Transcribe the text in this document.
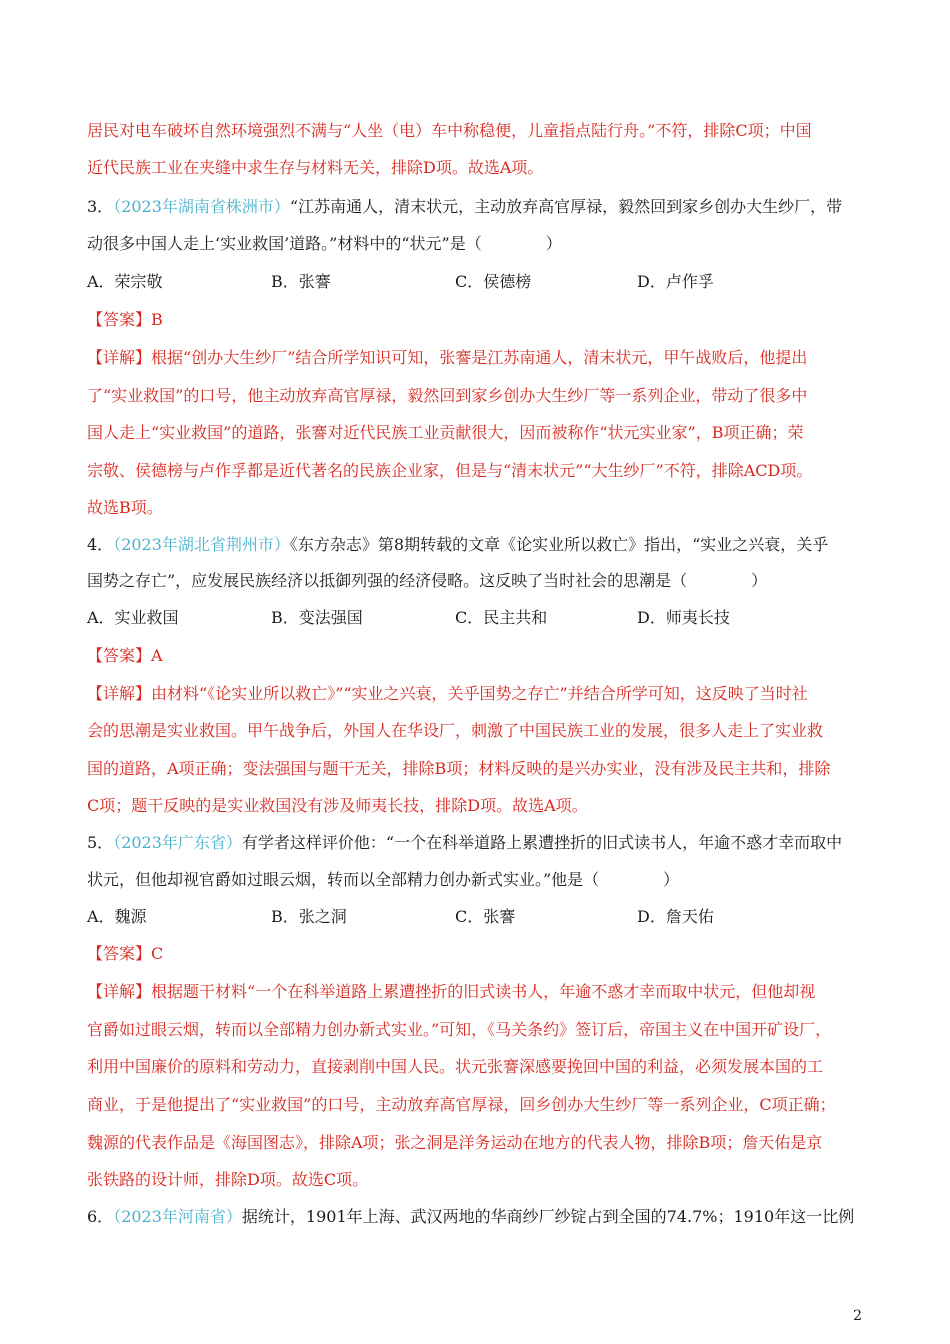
居民对电车破坏自然环境强烈不满与“人坐（电）车中称稳便，儿童指点陆行舟。”不符，排除C项；中国
近代民族工业在夹缝中求生存与材料无关，排除D项。故选A项。
3．（2023年湖南省株洲市）“江苏南通人，清末状元，主动放弃高官厚禄，毅然回到家乡创办大生纱厂，带
动很多中国人走上‘实业救国’道路。”材料中的“状元”是（　　　　）
A．荣宗敬	B．张謇	C．侯德榜	D．卢作孚
【答案】B
【详解】根据“创办大生纱厂”结合所学知识可知，张謇是江苏南通人，清末状元，甲午战败后，他提出
了“实业救国”的口号，他主动放弃高官厚禄，毅然回到家乡创办大生纱厂等一系列企业，带动了很多中
国人走上“实业救国”的道路，张謇对近代民族工业贡献很大，因而被称作“状元实业家”，B项正确；荣
宗敬、侯德榜与卢作孚都是近代著名的民族企业家，但是与“清末状元”“大生纱厂”不符，排除ACD项。
故选B项。
4．（2023年湖北省荆州市）《东方杂志》第8期转载的文章《论实业所以救亡》指出，“实业之兴衰，关乎
国势之存亡”，应发展民族经济以抵御列强的经济侵略。这反映了当时社会的思潮是（　　　　）
A．实业救国	B．变法强国	C．民主共和	D．师夷长技
【答案】A
【详解】由材料“《论实业所以救亡》”“实业之兴衰，关乎国势之存亡”并结合所学可知，这反映了当时社
会的思潮是实业救国。甲午战争后，外国人在华设厂，刺激了中国民族工业的发展，很多人走上了实业救
国的道路，A项正确；变法强国与题干无关，排除B项；材料反映的是兴办实业，没有涉及民主共和，排除
C项；题干反映的是实业救国没有涉及师夷长技，排除D项。故选A项。
5．（2023年广东省）有学者这样评价他：“一个在科举道路上累遭挫折的旧式读书人，年逾不惑才幸而取中
状元，但他却视官爵如过眼云烟，转而以全部精力创办新式实业。”他是（　　　　）
A．魏源	B．张之洞	C．张謇	D．詹天佑
【答案】C
【详解】根据题干材料“一个在科举道路上累遭挫折的旧式读书人，年逾不惑才幸而取中状元，但他却视
官爵如过眼云烟，转而以全部精力创办新式实业。”可知，《马关条约》签订后，帝国主义在中国开矿设厂，
利用中国廉价的原料和劳动力，直接剥削中国人民。状元张謇深感要挽回中国的利益，必须发展本国的工
商业，于是他提出了“实业救国”的口号，主动放弃高官厚禄，回乡创办大生纱厂等一系列企业，C项正确；
魏源的代表作品是《海国图志》，排除A项；张之洞是洋务运动在地方的代表人物，排除B项；詹天佑是京
张铁路的设计师，排除D项。故选C项。
6．（2023年河南省）据统计，1901年上海、武汉两地的华商纱厂纱锭占到全国的74.7%；1910年这一比例
2
